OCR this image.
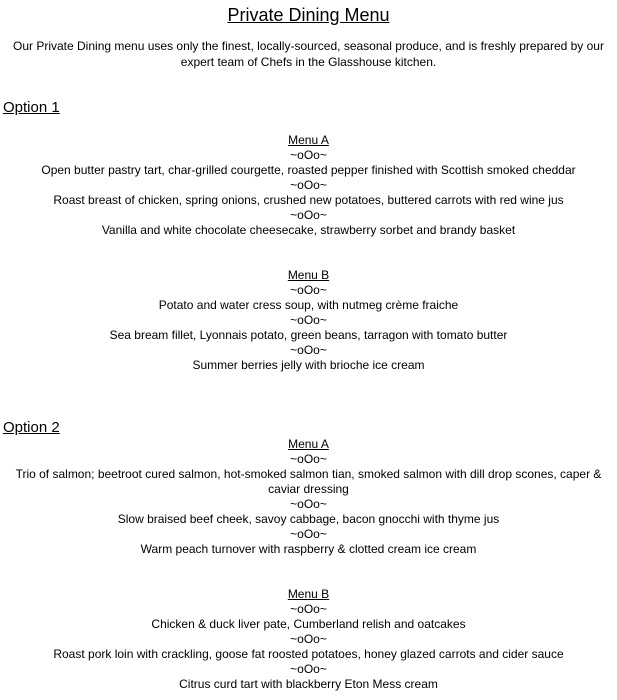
Private Dining Menu
Our Private Dining menu uses only the finest, locally-sourced, seasonal produce, and is freshly prepared by our expert team of Chefs in the Glasshouse kitchen.
Option 1
Menu A
~oOo~
Open butter pastry tart, char-grilled courgette, roasted pepper finished with Scottish smoked cheddar
~oOo~
Roast breast of chicken, spring onions, crushed new potatoes, buttered carrots with red wine jus
~oOo~
Vanilla and white chocolate cheesecake, strawberry sorbet and brandy basket
Menu B
~oOo~
Potato and water cress soup, with nutmeg crème fraiche
~oOo~
Sea bream fillet, Lyonnais potato, green beans, tarragon with tomato butter
~oOo~
Summer berries jelly with brioche ice cream
Option 2
Menu A
~oOo~
Trio of salmon; beetroot cured salmon, hot-smoked salmon tian, smoked salmon with dill drop scones, caper & caviar dressing
~oOo~
Slow braised beef cheek, savoy cabbage, bacon gnocchi with thyme jus
~oOo~
Warm peach turnover with raspberry & clotted cream ice cream
Menu B
~oOo~
Chicken & duck liver pate, Cumberland relish and oatcakes
~oOo~
Roast pork loin with crackling, goose fat roosted potatoes, honey glazed carrots and cider sauce
~oOo~
Citrus curd tart with blackberry Eton Mess cream
